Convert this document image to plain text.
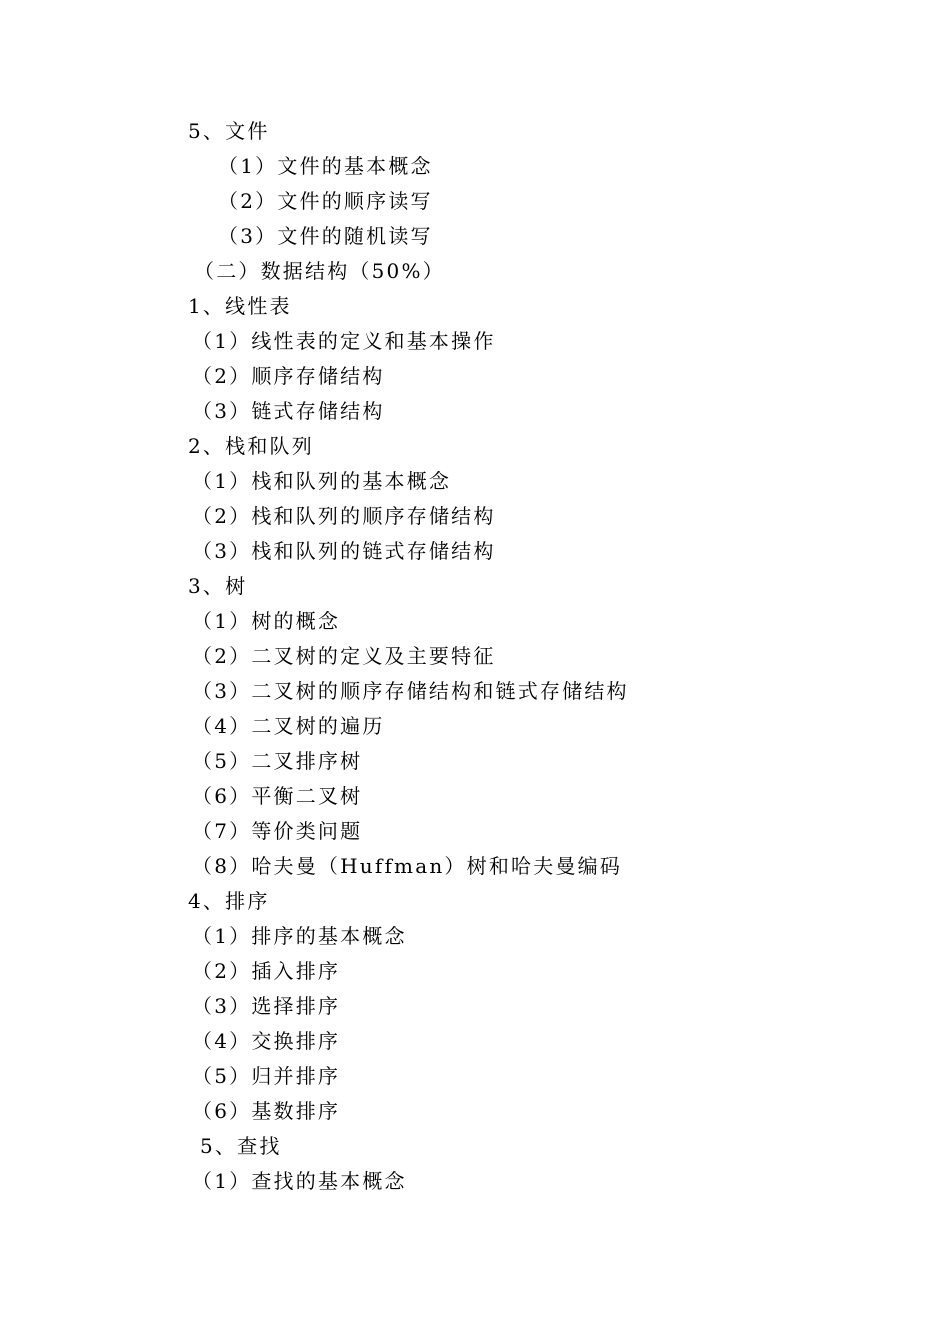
5、文件
（1）文件的基本概念
（2）文件的顺序读写
（3）文件的随机读写
（二）数据结构（50%）
1、线性表
（1）线性表的定义和基本操作
（2）顺序存储结构
（3）链式存储结构
2、栈和队列
（1）栈和队列的基本概念
（2）栈和队列的顺序存储结构
（3）栈和队列的链式存储结构
3、树
（1）树的概念
（2）二叉树的定义及主要特征
（3）二叉树的顺序存储结构和链式存储结构
（4）二叉树的遍历
（5）二叉排序树
（6）平衡二叉树
（7）等价类问题
（8）哈夫曼（Huffman）树和哈夫曼编码
4、排序
（1）排序的基本概念
（2）插入排序
（3）选择排序
（4）交换排序
（5）归并排序
（6）基数排序
5、查找
（1）查找的基本概念
